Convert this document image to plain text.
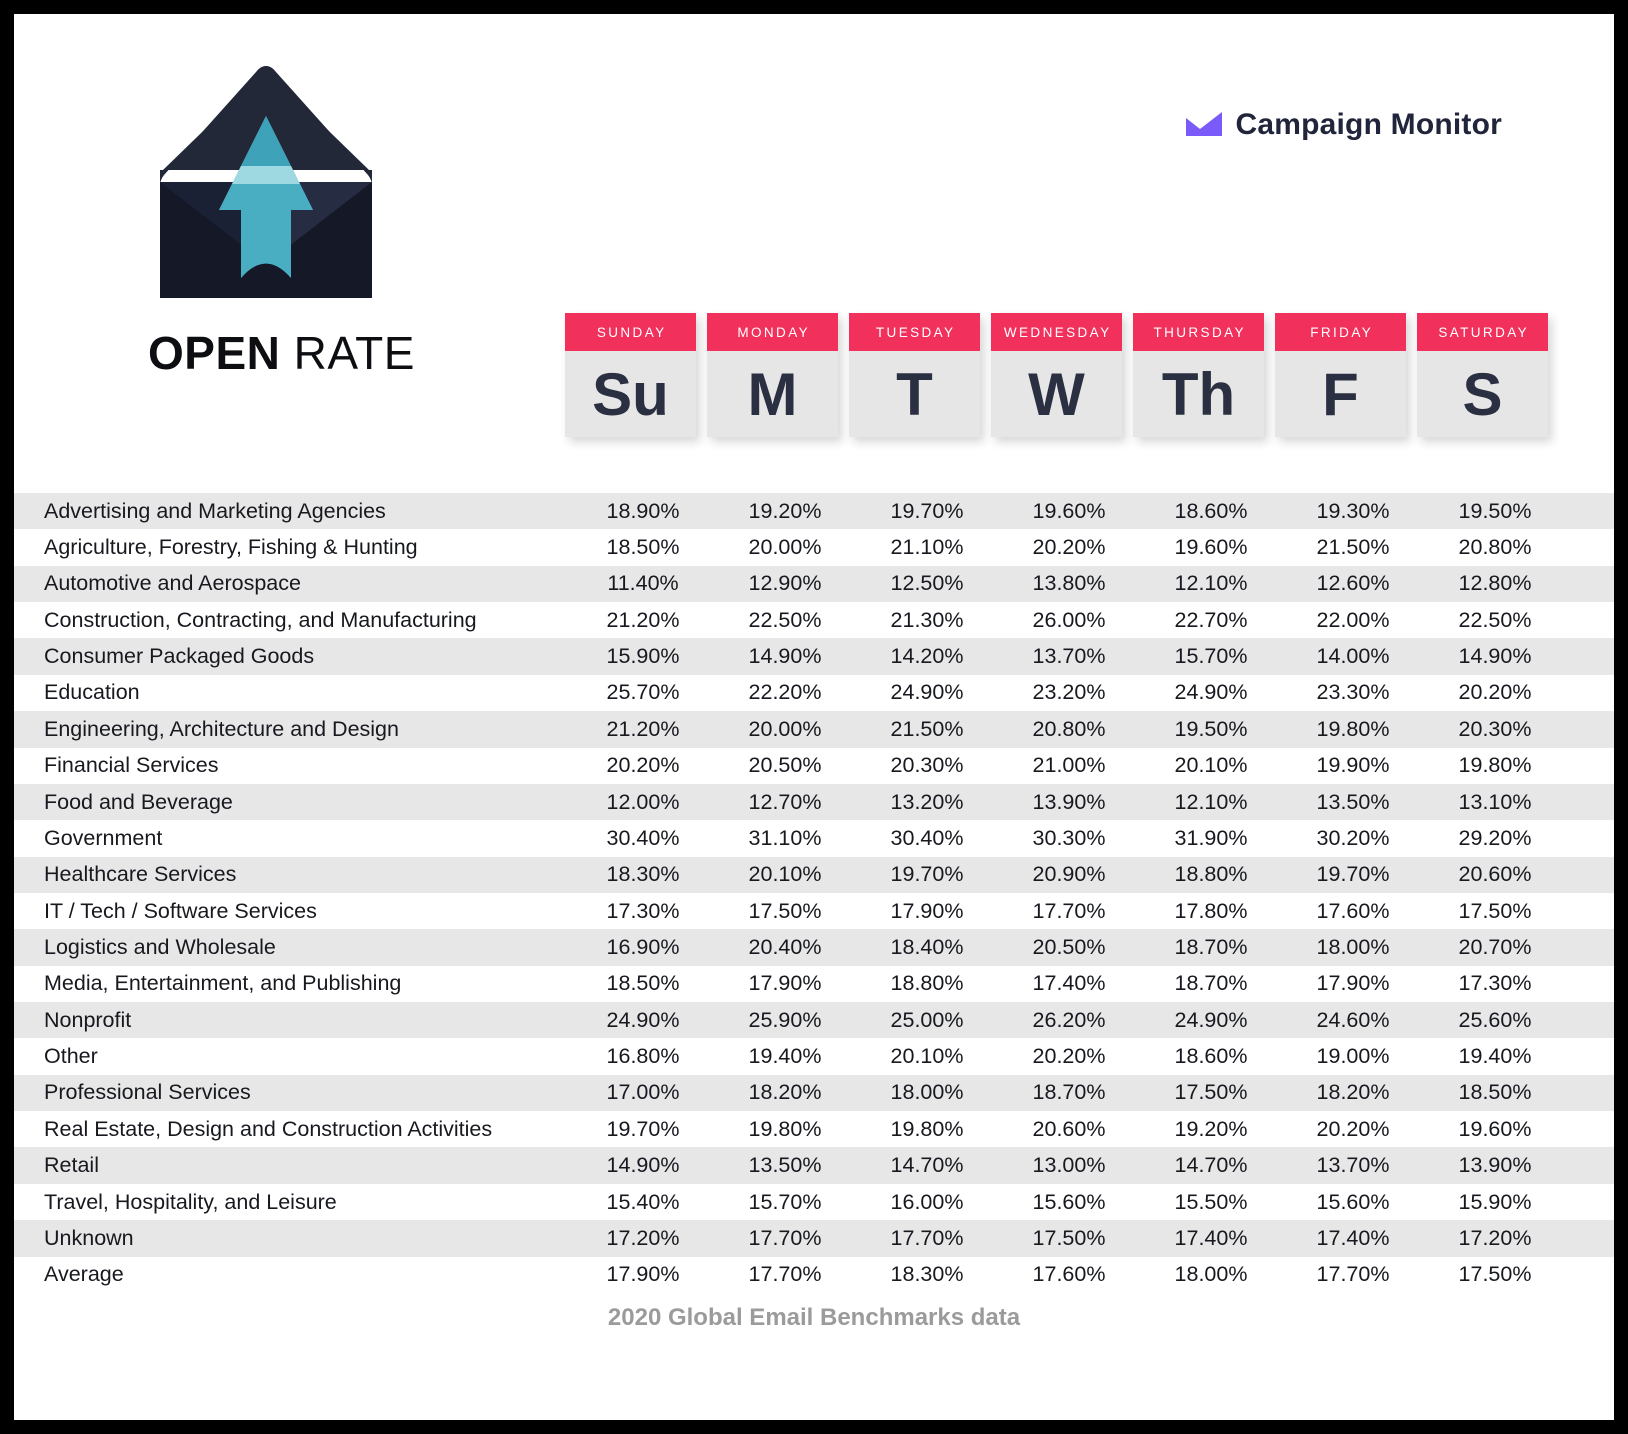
OPEN RATE
Campaign Monitor
SUNDAY
Su
MONDAY
M
TUESDAY
T
WEDNESDAY
W
THURSDAY
Th
FRIDAY
F
SATURDAY
S
Advertising and Marketing Agencies	18.90%	19.20%	19.70%	19.60%	18.60%	19.30%	19.50%
Agriculture, Forestry, Fishing & Hunting	18.50%	20.00%	21.10%	20.20%	19.60%	21.50%	20.80%
Automotive and Aerospace	11.40%	12.90%	12.50%	13.80%	12.10%	12.60%	12.80%
Construction, Contracting, and Manufacturing	21.20%	22.50%	21.30%	26.00%	22.70%	22.00%	22.50%
Consumer Packaged Goods	15.90%	14.90%	14.20%	13.70%	15.70%	14.00%	14.90%
Education	25.70%	22.20%	24.90%	23.20%	24.90%	23.30%	20.20%
Engineering, Architecture and Design	21.20%	20.00%	21.50%	20.80%	19.50%	19.80%	20.30%
Financial Services	20.20%	20.50%	20.30%	21.00%	20.10%	19.90%	19.80%
Food and Beverage	12.00%	12.70%	13.20%	13.90%	12.10%	13.50%	13.10%
Government	30.40%	31.10%	30.40%	30.30%	31.90%	30.20%	29.20%
Healthcare Services	18.30%	20.10%	19.70%	20.90%	18.80%	19.70%	20.60%
IT / Tech / Software Services	17.30%	17.50%	17.90%	17.70%	17.80%	17.60%	17.50%
Logistics and Wholesale	16.90%	20.40%	18.40%	20.50%	18.70%	18.00%	20.70%
Media, Entertainment, and Publishing	18.50%	17.90%	18.80%	17.40%	18.70%	17.90%	17.30%
Nonprofit	24.90%	25.90%	25.00%	26.20%	24.90%	24.60%	25.60%
Other	16.80%	19.40%	20.10%	20.20%	18.60%	19.00%	19.40%
Professional Services	17.00%	18.20%	18.00%	18.70%	17.50%	18.20%	18.50%
Real Estate, Design and Construction Activities	19.70%	19.80%	19.80%	20.60%	19.20%	20.20%	19.60%
Retail	14.90%	13.50%	14.70%	13.00%	14.70%	13.70%	13.90%
Travel, Hospitality, and Leisure	15.40%	15.70%	16.00%	15.60%	15.50%	15.60%	15.90%
Unknown	17.20%	17.70%	17.70%	17.50%	17.40%	17.40%	17.20%
Average	17.90%	17.70%	18.30%	17.60%	18.00%	17.70%	17.50%
2020 Global Email Benchmarks data
